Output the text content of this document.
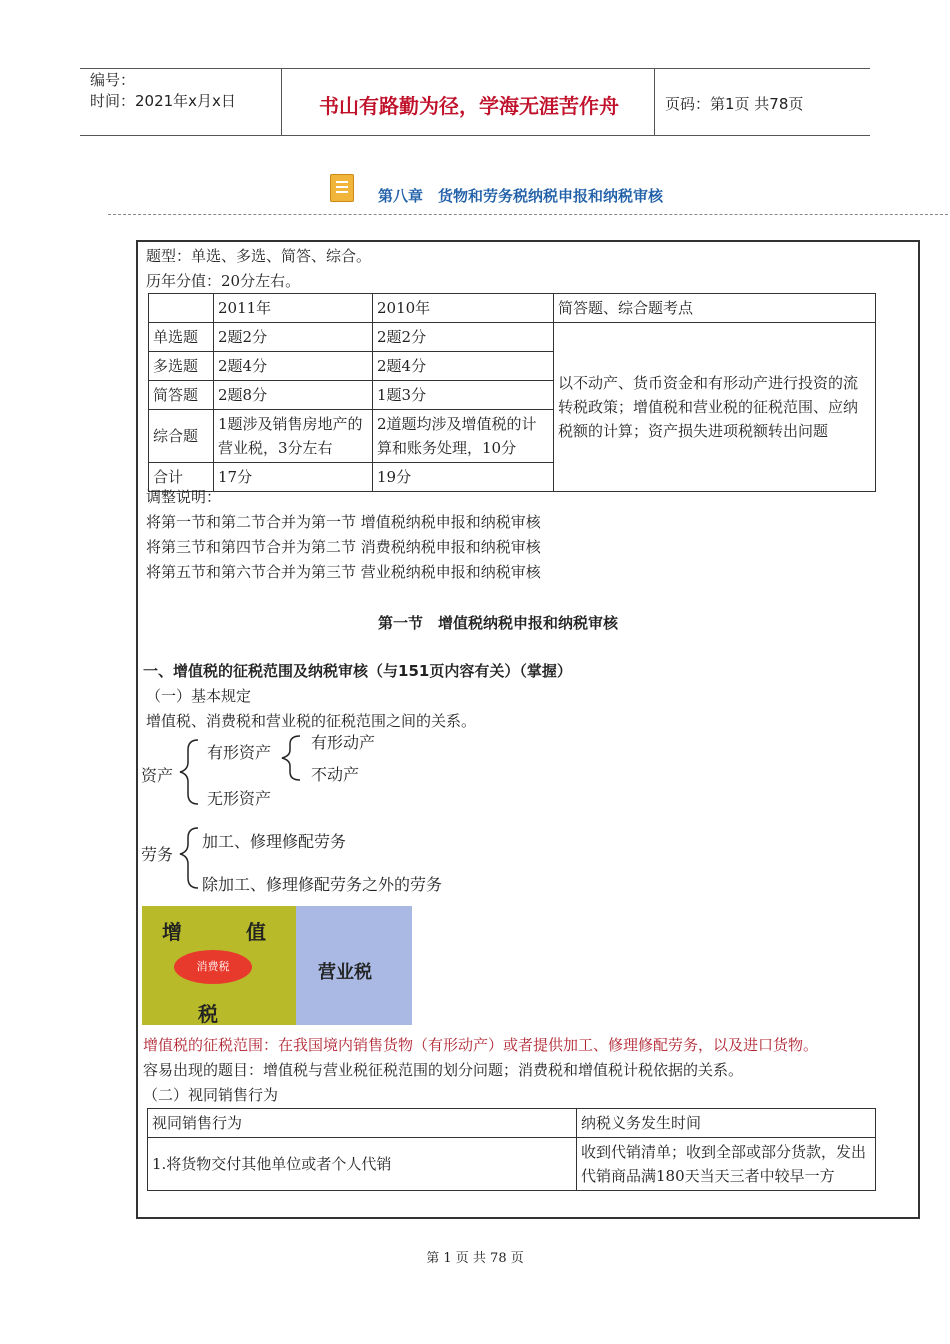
编号：
时间：2021年x月x日	书山有路勤为径，学海无涯苦作舟	页码：第1页 共78页
第八章　货物和劳务税纳税申报和纳税审核
题型：单选、多选、简答、综合。
历年分值：20分左右。
	2011年	2010年	简答题、综合题考点
单选题	2题2分	2题2分	以不动产、货币资金和有形动产进行投资的流转税政策；增值税和营业税的征税范围、应纳税额的计算；资产损失进项税额转出问题
多选题	2题4分	2题4分	
简答题	2题8分	1题3分	
综合题	1题涉及销售房地产的营业税，3分左右	2道题均涉及增值税的计算和账务处理，10分	
合计	17分	19分	
调整说明：
将第一节和第二节合并为第一节 增值税纳税申报和纳税审核
将第三节和第四节合并为第二节 消费税纳税申报和纳税审核
将第五节和第六节合并为第三节 营业税纳税申报和纳税审核
第一节　增值税纳税申报和纳税审核
一、增值税的征税范围及纳税审核（与151页内容有关）（掌握）
（一）基本规定
增值税、消费税和营业税的征税范围之间的关系。
资产
有形资产
有形动产
不动产
无形资产
劳务
加工、修理修配劳务
除加工、修理修配劳务之外的劳务
增	值
税
消费税	营业税
增值税的征税范围：在我国境内销售货物（有形动产）或者提供加工、修理修配劳务，以及进口货物。
容易出现的题目：增值税与营业税征税范围的划分问题；消费税和增值税计税依据的关系。
（二）视同销售行为
视同销售行为	纳税义务发生时间
1.将货物交付其他单位或者个人代销	收到代销清单；收到全部或部分货款，发出代销商品满180天当天三者中较早一方
第 1 页 共 78 页
